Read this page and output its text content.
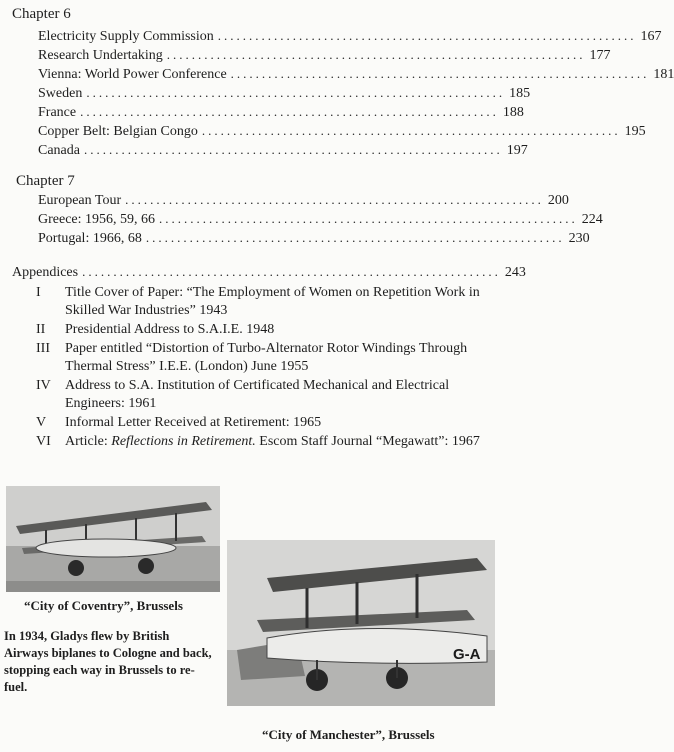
Chapter 6
Electricity Supply Commission ................................................................... 167
Research Undertaking ................................................................... 177
Vienna: World Power Conference ................................................................... 181
Sweden ................................................................... 185
France ................................................................... 188
Copper Belt: Belgian Congo ................................................................... 195
Canada ................................................................... 197
Chapter 7
European Tour ................................................................... 200
Greece: 1956, 59, 66 ................................................................... 224
Portugal: 1966, 68 ................................................................... 230
Appendices ................................................................... 243
I	Title Cover of Paper: “The Employment of Women on Repetition Work in Skilled War Industries” 1943
II	Presidential Address to S.A.I.E. 1948
III	Paper entitled “Distortion of Turbo-Alternator Rotor Windings Through Thermal Stress” I.E.E. (London) June 1955
IV	Address to S.A. Institution of Certificated Mechanical and Electrical Engineers: 1961
V	Informal Letter Received at Retirement: 1965
VI	Article: Reflections in Retirement. Escom Staff Journal “Megawatt”: 1967
“City of Coventry”, Brussels
In 1934, Gladys flew by British Airways biplanes to Cologne and back, stopping each way in Brussels to re-fuel.
G-A
“City of Manchester”, Brussels
